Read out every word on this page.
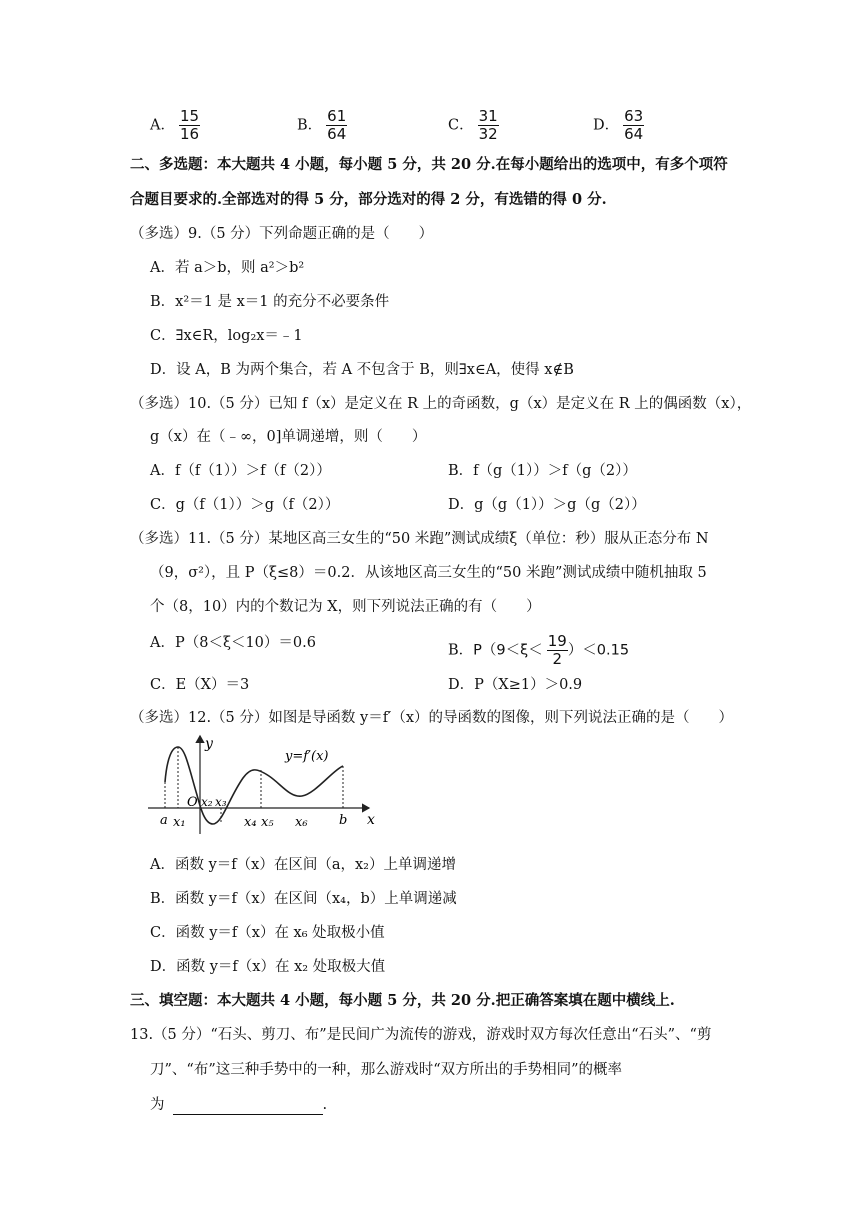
A． $\frac{15}{16}$	B． $\frac{61}{64}$	C． $\frac{31}{32}$	D． $\frac{63}{64}$
二、多选题：本大题共 4 小题，每小题 5 分，共 20 分.在每小题给出的选项中，有多个项符
合题目要求的.全部选对的得 5 分，部分选对的得 2 分，有选错的得 0 分.
（多选）9.（5 分）下列命题正确的是（　　）
A．若 a＞b，则 a²＞b²
B．x²＝1 是 x＝1 的充分不必要条件
C．∃x∈R，log₂x＝﹣1
D．设 A，B 为两个集合，若 A 不包含于 B，则∃x∈A，使得 x∉B
（多选）10.（5 分）已知 f（x）是定义在 R 上的奇函数，g（x）是定义在 R 上的偶函数（x），
g（x）在（﹣∞，0]单调递增，则（　　）
A．f（f（1））＞f（f（2））	B．f（g（1））＞f（g（2））
C．g（f（1））＞g（f（2））	D．g（g（1））＞g（g（2））
（多选）11.（5 分）某地区高三女生的“50 米跑”测试成绩ξ（单位：秒）服从正态分布 N
（9，σ²），且 P（ξ≤8）＝0.2．从该地区高三女生的“50 米跑”测试成绩中随机抽取 5
个（8，10）内的个数记为 X，则下列说法正确的有（　　）
A．P（8＜ξ＜10）＝0.6	B．$P(9<\xi< \frac{19}{2} )<0.15$
C．E（X）＝3	D．P（X≥1）＞0.9
（多选）12.（5 分）如图是导函数 y＝f′（x）的导函数的图像，则下列说法正确的是（　　）
y
x
y=f′(x)
O
a x₁
x₂ x₃
x₄ x₅ x₆ b
A．函数 y＝f（x）在区间（a，x₂）上单调递增
B．函数 y＝f（x）在区间（x₄，b）上单调递减
C．函数 y＝f（x）在 x₆ 处取极小值
D．函数 y＝f（x）在 x₂ 处取极大值
三、填空题：本大题共 4 小题，每小题 5 分，共 20 分.把正确答案填在题中横线上.
13.（5 分）“石头、剪刀、布”是民间广为流传的游戏，游戏时双方每次任意出“石头”、“剪
刀”、“布”这三种手势中的一种，那么游戏时“双方所出的手势相同”的概率
为	.
